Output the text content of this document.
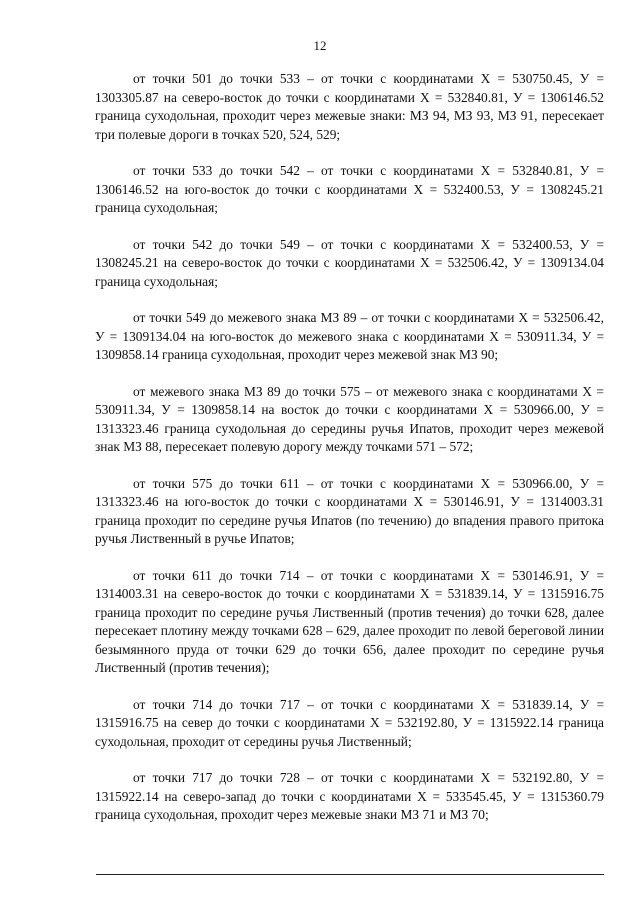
12

от точки 501 до точки 533 – от точки с координатами Х = 530750.45, У = 1303305.87 на северо-восток до точки с координатами Х = 532840.81, У = 1306146.52 граница суходольная, проходит через межевые знаки: МЗ 94, МЗ 93, МЗ 91, пересекает три полевые дороги в точках 520, 524, 529;

от точки 533 до точки 542 – от точки с координатами Х = 532840.81, У = 1306146.52 на юго-восток до точки с координатами Х = 532400.53, У = 1308245.21 граница суходольная;

от точки 542 до точки 549 – от точки с координатами Х = 532400.53, У = 1308245.21 на северо-восток до точки с координатами Х = 532506.42, У = 1309134.04 граница суходольная;

от точки 549 до межевого знака МЗ 89 – от точки с координатами Х = 532506.42, У = 1309134.04 на юго-восток до межевого знака с координатами Х = 530911.34, У = 1309858.14 граница суходольная, проходит через межевой знак МЗ 90;

от межевого знака МЗ 89 до точки 575 – от межевого знака с координатами Х = 530911.34, У = 1309858.14 на восток до точки с координатами Х = 530966.00, У = 1313323.46 граница суходольная до середины ручья Ипатов, проходит через межевой знак МЗ 88, пересекает полевую дорогу между точками 571 – 572;

от точки 575 до точки 611 – от точки с координатами Х = 530966.00, У = 1313323.46 на юго-восток до точки с координатами Х = 530146.91, У = 1314003.31 граница проходит по середине ручья Ипатов (по течению) до впадения правого притока ручья Лиственный в ручье Ипатов;

от точки 611 до точки 714 – от точки с координатами Х = 530146.91, У = 1314003.31 на северо-восток до точки с координатами Х = 531839.14, У = 1315916.75 граница проходит по середине ручья Лиственный (против течения) до точки 628, далее пересекает плотину между точками 628 – 629, далее проходит по левой береговой линии безымянного пруда от точки 629 до точки 656, далее проходит по середине ручья Лиственный (против течения);

от точки 714 до точки 717 – от точки с координатами Х = 531839.14, У = 1315916.75 на север до точки с координатами Х = 532192.80, У = 1315922.14 граница суходольная, проходит от середины ручья Лиственный;

от точки 717 до точки 728 – от точки с координатами Х = 532192.80, У = 1315922.14 на северо-запад до точки с координатами Х = 533545.45, У = 1315360.79 граница суходольная, проходит через межевые знаки МЗ 71 и МЗ 70;
